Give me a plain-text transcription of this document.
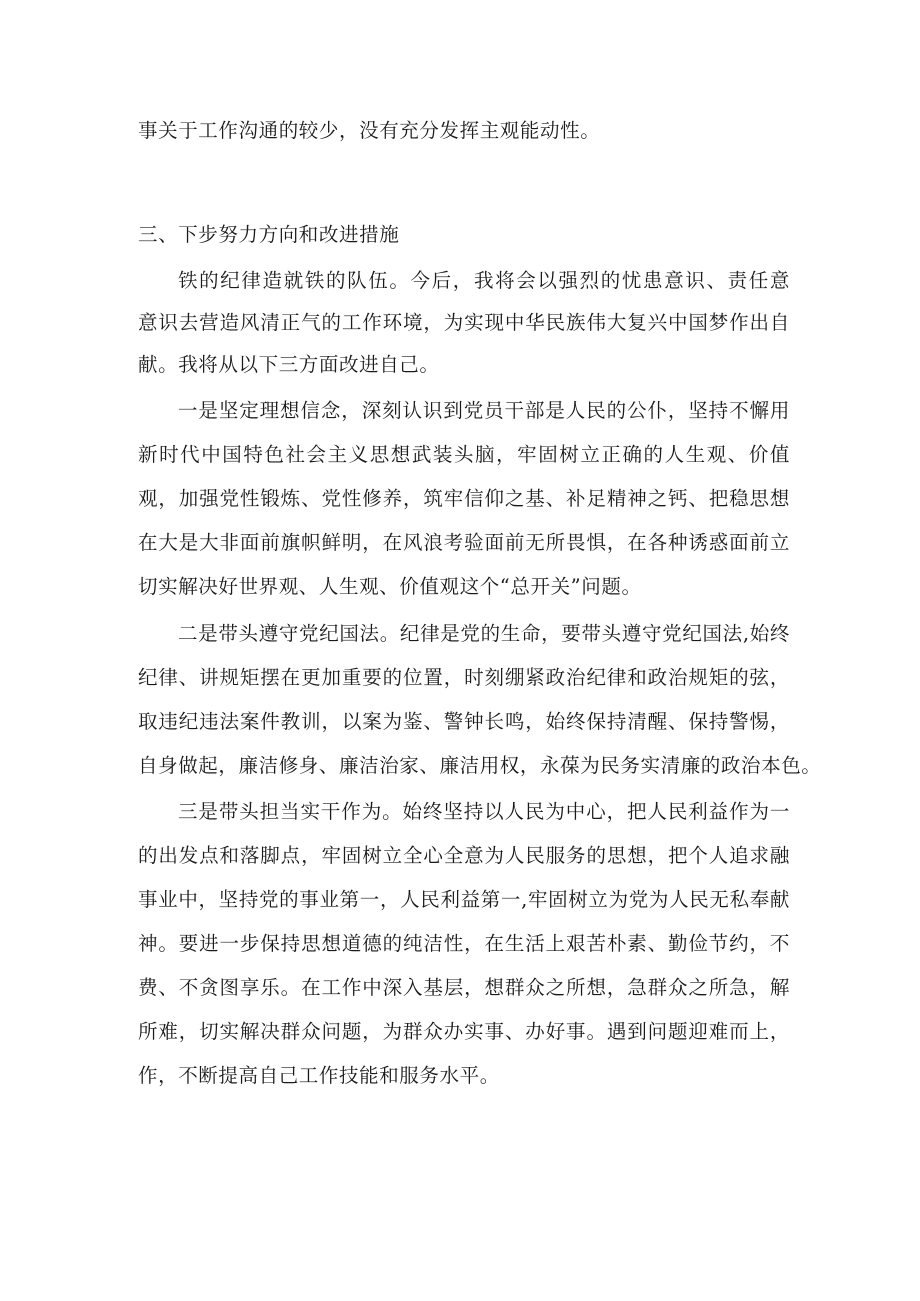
事关于工作沟通的较少，没有充分发挥主观能动性。
三、下步努力方向和改进措施
铁的纪律造就铁的队伍。今后，我将会以强烈的忧患意识、责任意
意识去营造风清正气的工作环境，为实现中华民族伟大复兴中国梦作出自
献。我将从以下三方面改进自己。
一是坚定理想信念，深刻认识到党员干部是人民的公仆，坚持不懈用
新时代中国特色社会主义思想武装头脑，牢固树立正确的人生观、价值
观，加强党性锻炼、党性修养，筑牢信仰之基、补足精神之钙、把稳思想
在大是大非面前旗帜鲜明，在风浪考验面前无所畏惧，在各种诱惑面前立
切实解决好世界观、人生观、价值观这个“总开关”问题。
二是带头遵守党纪国法。纪律是党的生命，要带头遵守党纪国法,始终
纪律、讲规矩摆在更加重要的位置，时刻绷紧政治纪律和政治规矩的弦，
取违纪违法案件教训，以案为鉴、警钟长鸣，始终保持清醒、保持警惕，
自身做起，廉洁修身、廉洁治家、廉洁用权，永葆为民务实清廉的政治本色。
三是带头担当实干作为。始终坚持以人民为中心，把人民利益作为一
的出发点和落脚点，牢固树立全心全意为人民服务的思想，把个人追求融
事业中，坚持党的事业第一，人民利益第一,牢固树立为党为人民无私奉献
神。要进一步保持思想道德的纯洁性，在生活上艰苦朴素、勤俭节约，不
费、不贪图享乐。在工作中深入基层，想群众之所想，急群众之所急，解
所难，切实解决群众问题，为群众办实事、办好事。遇到问题迎难而上，
作，不断提高自己工作技能和服务水平。
